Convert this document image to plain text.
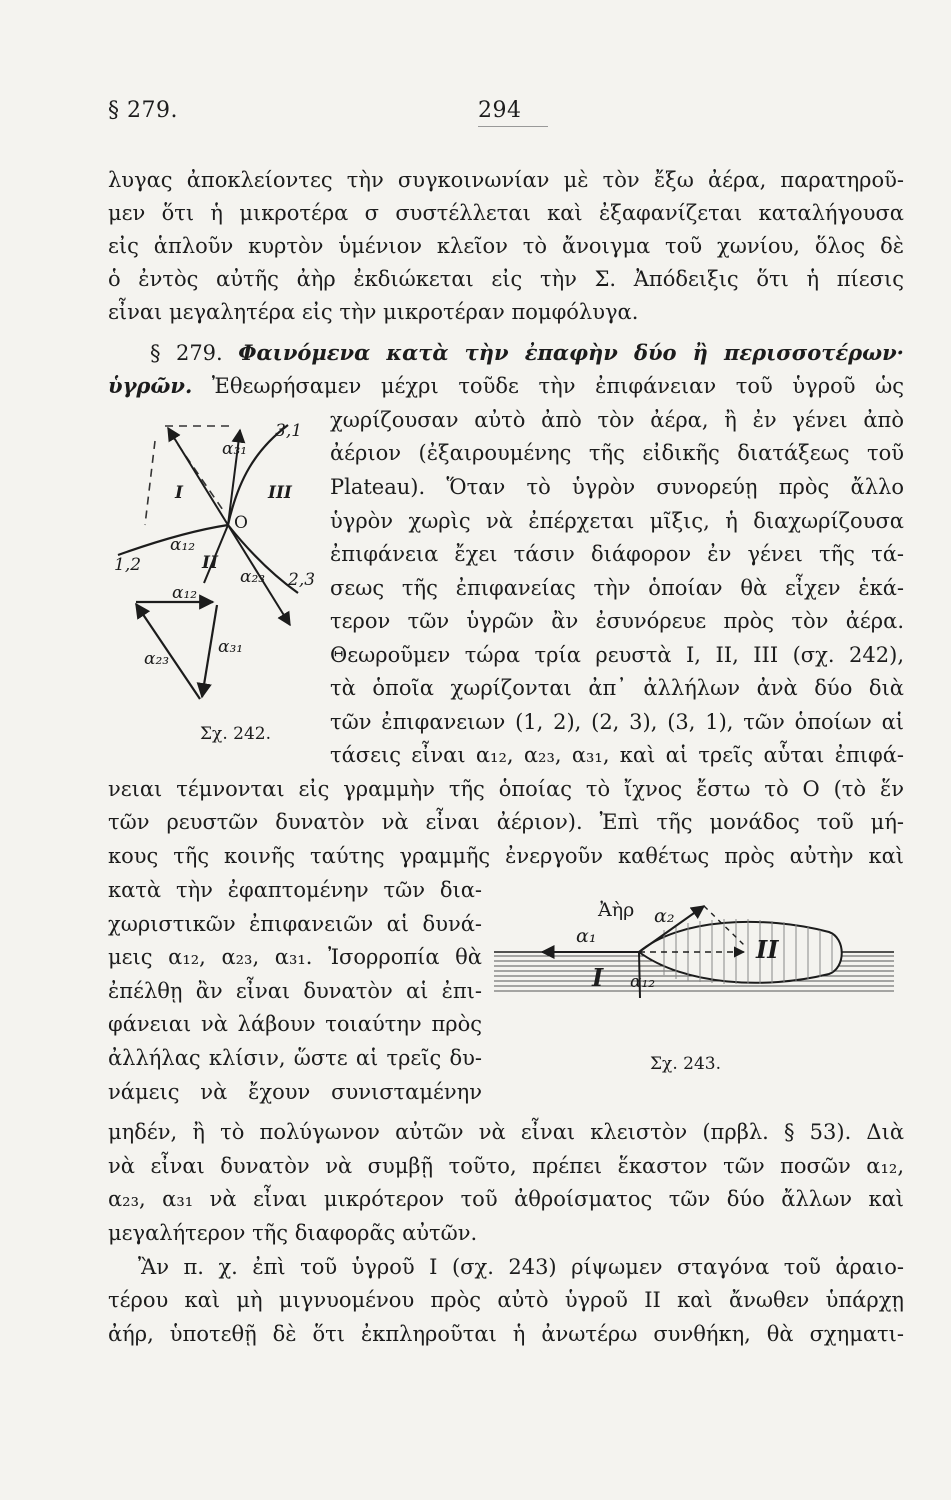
§ 279.	294
λυγας ἀποκλείοντες τὴν συγκοινωνίαν μὲ τὸν ἔξω ἀέρα, παρατηροῦ-
μεν ὅτι ἡ μικροτέρα σ συστέλλεται καὶ ἐξαφανίζεται καταλήγουσα
εἰς ἁπλοῦν κυρτὸν ὑμένιον κλεῖον τὸ ἄνοιγμα τοῦ χωνίου, ὅλος δὲ
ὁ ἐντὸς αὐτῆς ἀὴρ ἐκδιώκεται εἰς τὴν Σ. Ἀπόδειξις ὅτι ἡ πίεσις
εἶναι μεγαλητέρα εἰς τὴν μικροτέραν πομφόλυγα.
§ 279. Φαινόμενα κατὰ τὴν ἐπαφὴν δύο ἢ περισσοτέρων·
ὑγρῶν. Ἐθεωρήσαμεν μέχρι τοῦδε τὴν ἐπιφάνειαν τοῦ ὑγροῦ ὡς
χωρίζουσαν αὐτὸ ἀπὸ τὸν ἀέρα, ἢ ἐν γένει ἀπὸ
ἀέριον (ἐξαιρουμένης τῆς εἰδικῆς διατάξεως τοῦ
Plateau). Ὅταν τὸ ὑγρὸν συνορεύῃ πρὸς ἄλλο
ὑγρὸν χωρὶς νὰ ἐπέρχεται μῖξις, ἡ διαχωρίζουσα
ἐπιφάνεια ἔχει τάσιν διάφορον ἐν γένει τῆς τά-
σεως τῆς ἐπιφανείας τὴν ὁποίαν θὰ εἶχεν ἑκά-
τερον τῶν ὑγρῶν ἂν ἐσυνόρευε πρὸς τὸν ἀέρα.
Θεωροῦμεν τώρα τρία ρευστὰ I, II, III (σχ. 242),
τὰ ὁποῖα χωρίζονται ἀπ᾽ ἀλλήλων ἀνὰ δύο διὰ
τῶν ἐπιφανειων (1, 2), (2, 3), (3, 1), τῶν ὁποίων αἱ
τάσεις εἶναι α₁₂, α₂₃, α₃₁, καὶ αἱ τρεῖς αὗται ἐπιφά-
νειαι τέμνονται εἰς γραμμὴν τῆς ὁποίας τὸ ἴχνος ἔστω τὸ O (τὸ ἕν
τῶν ρευστῶν δυνατὸν νὰ εἶναι ἀέριον). Ἐπὶ τῆς μονάδος τοῦ μή-
κους τῆς κοινῆς ταύτης γραμμῆς ἐνεργοῦν καθέτως πρὸς αὐτὴν καὶ
κατὰ τὴν ἐφαπτομένην τῶν δια-
χωριστικῶν ἐπιφανειῶν αἱ δυνά-
μεις α₁₂, α₂₃, α₃₁. Ἰσορροπία θὰ
ἐπέλθῃ ἂν εἶναι δυνατὸν αἱ ἐπι-
φάνειαι νὰ λάβουν τοιαύτην πρὸς
ἀλλήλας κλίσιν, ὥστε αἱ τρεῖς δυ-
νάμεις νὰ ἔχουν συνισταμένην
μηδέν, ἢ τὸ πολύγωνον αὐτῶν νὰ εἶναι κλειστὸν (πρβλ. § 53). Διὰ
νὰ εἶναι δυνατὸν νὰ συμβῇ τοῦτο, πρέπει ἕκαστον τῶν ποσῶν α₁₂,
α₂₃, α₃₁ νὰ εἶναι μικρότερον τοῦ ἀθροίσματος τῶν δύο ἄλλων καὶ
μεγαλήτερον τῆς διαφορᾶς αὐτῶν.
Ἂν π. χ. ἐπὶ τοῦ ὑγροῦ I (σχ. 243) ρίψωμεν σταγόνα τοῦ ἀραιο-
τέρου καὶ μὴ μιγνυομένου πρὸς αὐτὸ ὑγροῦ II καὶ ἄνωθεν ὑπάρχῃ
ἀήρ, ὑποτεθῇ δὲ ὅτι ἐκπληροῦται ἡ ἀνωτέρω συνθήκη, θὰ σχηματι-
α₃₁
3,1
I	III
O
1,2
α₁₂
II
α₂₃ 2,3
α₁₂
α₃₁
α₂₃
Σχ. 242.
Ἀὴρ α₂
α₁
I α₁₂
II
Σχ. 243.
